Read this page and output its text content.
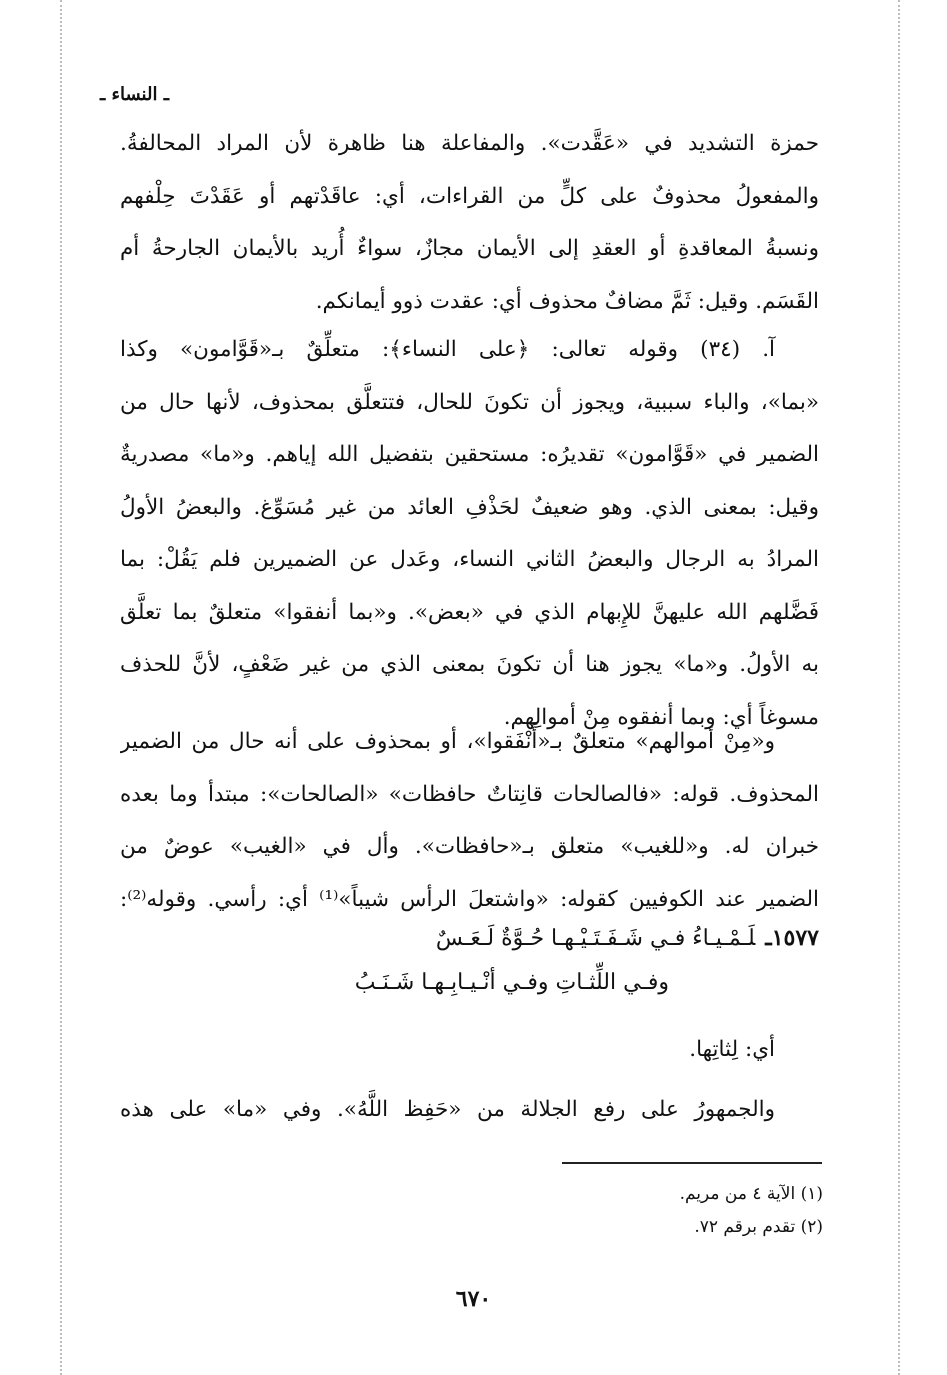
ـ النساء ـ
حمزة التشديد في «عَقَّدت». والمفاعلة هنا ظاهرة لأن المراد المحالفةُ.
والمفعولُ محذوفٌ على كلٍّ من القراءات، أي: عاقَدْتهم أو عَقَدْتَ حِلْفهم
ونسبةُ المعاقدةِ أو العقدِ إلى الأيمان مجازٌ، سواءٌ أُريد بالأيمان الجارحةُ أم
القَسَم. وقيل: ثَمَّ مضافٌ محذوف أي: عقدت ذوو أيمانكم.
آ. (٣٤) وقوله تعالى: ﴿على النساء﴾: متعلِّقٌ بـ«قَوَّامون» وكذا
«بما»، والباء سببية، ويجوز أن تكونَ للحال، فتتعلَّق بمحذوف، لأنها حال من
الضمير في «قَوَّامون» تقديرُه: مستحقين بتفضيل الله إياهم. و«ما» مصدريةٌ
وقيل: بمعنى الذي. وهو ضعيفٌ لحَذْفِ العائد من غير مُسَوِّغ. والبعضُ الأولُ
المرادُ به الرجال والبعضُ الثاني النساء، وعَدل عن الضميرين فلم يَقُلْ: بما
فَضَّلهم الله عليهنَّ للإِبهام الذي في «بعض». و«بما أنفقوا» متعلقٌ بما تعلَّق
به الأولُ. و«ما» يجوز هنا أن تكونَ بمعنى الذي من غير ضَعْفٍ، لأنَّ للحذف
مسوغاً أي: وبما أنفقوه مِنْ أموالِهم.
و«مِنْ أموالهم» متعلقٌ بـ«أَنْفَقوا»، أو بمحذوف على أنه حال من الضمير
المحذوف. قوله: «فالصالحات قانِتاتٌ حافظات» «الصالحات»: مبتدأ وما بعده
خبران له. و«للغيب» متعلق بـ«حافظات». وأل في «الغيب» عوضٌ من
الضمير عند الكوفيين كقوله: «واشتعلَ الرأس شيباً»⁽¹⁾ أي: رأسي. وقوله⁽²⁾:
١٥٧٧ـلَـمْـيـاءُ فـي شَـفَـتَـيْـهـا حُـوَّةٌ لَـعَـسٌ
وفـي اللِّثـاتِ وفـي أنْـيـابِـهـا شَـنَـبُ
أي: لِثاتِها.
والجمهورُ على رفع الجلالة من «حَفِظ اللَّهُ». وفي «ما» على هذه
(١) الآية ٤ من مريم.
(٢) تقدم برقم ٧٢.
٦٧٠
